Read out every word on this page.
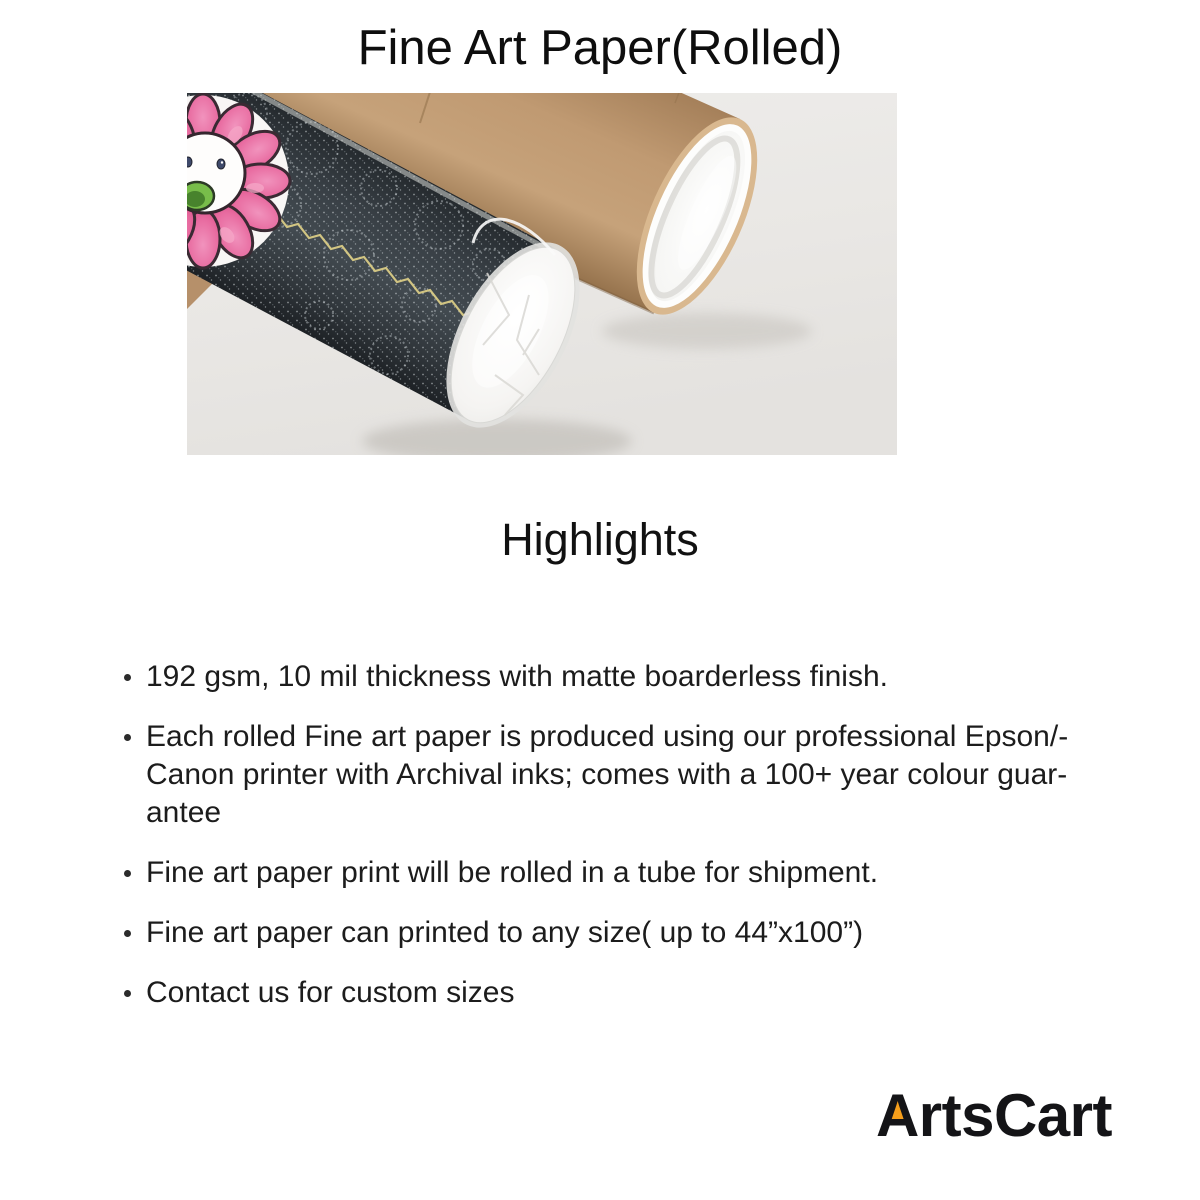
Fine Art Paper(Rolled)
Highlights
192 gsm, 10 mil thickness with matte boarderless finish.
Each rolled Fine art paper is produced using our professional Epson/-
Canon printer with Archival inks; comes with a 100+ year colour guar-
antee
Fine art paper print will be rolled in a tube for shipment.
Fine art paper can printed to any size( up to 44”x100”)
Contact us for custom sizes
ArtsCart
